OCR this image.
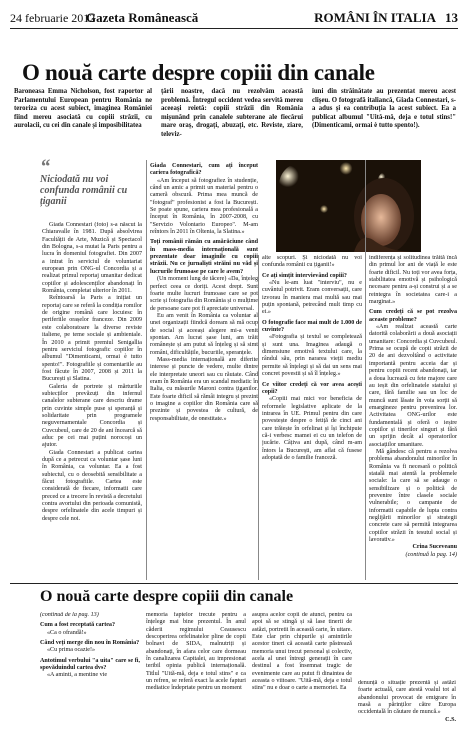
24 februarie 2012
Gazeta Românească	ROMÂNI ÎN ITALIA 13
O nouă carte despre copiii din canale
Baroneasa Emma Nicholson, fost raportor al Parlamentului European pentru România ne teroriza cu acest subiect, imaginea României fiind mereu asociată cu copiii străzii, cu aurolacii, cu cei din canale și imposibilitatea
țării noastre, dacă nu rezolvăm această problemă. Întregul occident vedea servită mereu aceeași reietă: copiii străzii din România mișunând prin canalele subterane ale fiecărui mare oraș, drogați, abuzați, etc. Reviste, ziare, televiz-
iuni din străinătate au prezentat mereu acest clișeu. O fotografă italiancă, Giada Connestari, s-a adus și ea contribuția la acest subiect. Ea a publicat albumul "Uită-mă, deja e totul stins!" (Dimenticami, ormai è tutto spento!).
“
Niciodată nu voi confunda românii cu țiganii

Giada Connestari (foto) s-a născut la Chiaravalle în 1981. După absolvirea Facultății de Arte, Muzică și Spectacol din Bologna, s-a mutat la Paris pentru a lucra în domeniul fotografiei. Din 2007 a intrat în serviciul de voluntariat european prin ONG-ul Concordia și a realizat primul reportaj umanitar dedicat copiilor și adolescenților abandonați în România, completat ulterior în 2011.

Reîntoarsă la Paris a inițiat un reportaj care se referă la condiția romilor de origine română care locuiesc în periferiile orașelor franceze. Din 2009 este colaboratoare la diverse reviste italiene, pe teme sociale și ambientale. În 2010 a primit premiul Senigallia pentru serviciul fotografic copiilor în albumul "Dimenticami, ormai è tutto spento!". Fotografiile și comentariile au fost făcute în 2007, 2008 și 2011 la București și Slatina.

Galeria de portrete și mărturiile subiecților prevăzuți din infernul canalelor subterane care descriu drame prin cuvinte simple puse și speranță și solidaritate prin programele neguvernamentale Concordia și Cuvcubeul, care de 20 de ani încearcă să aduc pe cei mai puțini norocoși un ajutor.

Giada Connestari a publicat cartea după ce a petrecut ca voluntar șase luni în România, ca voluntar. Ea a fost subiectul, cu o deosebită sensibilitate a făcut fotografiile. Cartea este considerată de fiecare, informatii care preced ce a trecere în revistă a decretului contra avortului din perioada comunistă, despre orfelinatele din acele timpuri și despre cele noi.

Giada Connestari, cum ați început cariera fotografică?

«Am început să fotografiez în studenție, când un amic a primit un material pentru o cameră obscură. Prima mea muncă de "fotograf" profesionist a fost la București. Se poate spune, cariera mea profesională a început în România, în 2007-2008, cu "Servizio Volontario Europeo". M-am reîntors în 2011 în Oltenia, la Slatina.»

Toți românii rămân cu amărăciune când în mass-media internațională sunt prezentate doar imaginile cu copiii străzii. Nu ce jurnaliști străini nu văd și lucrurile frumoase pe care le avem?

(Un moment lung de tăcere) «Da, înțeleg perfect ceea ce doriți. Acest drept. Sunt foarte multe lucruri frumoase care se pot scrie și fotografia din România și o mulțime de persoane care pot fi apreciate universal.

Eu am venit în România ca voluntar al unei organizații fiindcă doream să mă ocup de social și aceeași alegere mi-a venit spontan. Am lucrat șase luni, am trăit românește și am putut să înțeleg și să simt români, dificultățile, bucuriile, speranțele.

Mass-media internațională are diferite interese și puncte de vedere, multe dintre ele interpretate uneori sau cu răutate. Când eram în România era un scandal mediatic în Italia, cu măsurile Maroni contra țiganilor. Este foarte dificil să rămâi integru și prezint o imagine a copiilor din România care să prezinte și povestea de cultură, de responsabilitate, de onestitate.»

alte scopuri. Și niciodată nu voi confunda românii cu țiganii!»

Ce ați simțit intervievând copiii?

«Nu le-am luat "interviu", nu e cuvântul potrivit. Eram conversații, care izvorau în maniera mai multă sau mai puțin spontană, petrecând mult timp cu ei.»

O fotografie face mai mult de 1.000 de cuvinte?

«Fotografia și textul se completează și sunt una. Imaginea adaugă o dimensiune emotivă textului care, la rândul său, prin nararea vieții mediu permite să înțelegi și să dai un sens mai concret povestii și să îl înțeleg.»

Ce viitor credeți că vor avea acești copii?

«Copiii mai mici vor beneficia de reformele legislative aplicate de la intrarea în UE. Primul pentru din care povestește despre o fetiță de cinci ani care trăiește în orfelinat și își închipuie că-i verbesc mamei ei cu un telefon de jucărie. Câțiva ani după, când m-am întors la București, am aflat că fusese adoptată de o familie franceză.

indiferența și solitudinea trăită încă din primul lor ani de viață le este foarte dificil. Nu toți vor avea forța, stabilitatea emotivă și psihologică necesare pentru a-și construi și a se reintegra în societatea care-i a marginat.»

Cum credeți că se pot rezolva aceaste probleme?

«Am realizat această carte datorită colaborării a două asociații umanitare: Concordia și Cuvcubeul. Prima se ocupă de copii străzii de 20 de ani dezvoltând o activitate importantă pentru acceia dar și pentru copiii recent abandonați, iar a doua lucrează cu fete majore care au ieșit din orfelinatele statului și care, fără familie sau un loc de muncă sunt lăsate în voia sorții să emargineze pentru prevenirea lor. Activitatea ONG-urilor este fundamentală și oferă o ieșire copiilor și tinerilor singuri și fără un sprijin decât al operatorilor asociațiilor umanitare.

Mă gândesc că pentru a rezolva problema abandonului minorilor în România va fi necesară o politică statală mai atentă la problemele sociale: la care să se adauge o sensibilizare și o politică de prevenire între clasele sociale vulnerabile; o campanie de informatii capabile de lupta contra neglijării minorilor și strategii concrete care să permită integrarea copiilor străzii în tesutul social și lavorativ.»

Crina Suceveanu

(continuă la pag. 14)

O nouă carte despre copiii din canale

(continuă de la pag. 13)

Cum a fost receptată cartea?

«Ca o ofrandă!»

Când veți merge din nou în România?

«Cu prima ocazie!»

Antotimul verbului "a uita" care se fi, spovăduindul cartea dvs?

«A aminti, a mentine vie

memoria faptelor trecute pentru a înțelege mai bine prezentul. În anul căderii regimului Ceausescu descoperirea orfelinatelor pline de copii bolnavi de SIDA, malnutriți și abandonați, în afara celor care dormeau în canalizarea Capitalei, au impresionat teribil opinia publică internațională. Titlul "Uită-mă, deja e totul stins" e ca un refren, se referă exact la acele fapturi mediatice îndeprtate pentru un moment

asupra acelor copii de atunci, pentru ca apoi să se stingă și să lase tinerii de astăzi, portretii în această carte, în uitare. Este clar prin chipurile și amintirile acestor tineri că această carte păstrează memoria unui trecut personal și colectiv, acela al unei întregi generații în care destinul a fost însemnat tragic de evenimente care au putut fi dinaintea de aceasta o viitoare. "Uită-mă, deja e totul stins" nu e doar o carte a memoriei. Ea

denunță o situație prezentă și astăzi foarte actuală, care atestă voalul tot al abandonului provocat de emigrare în masă a părinților către Europa occidentală în căutare de muncă.»

C.S.
